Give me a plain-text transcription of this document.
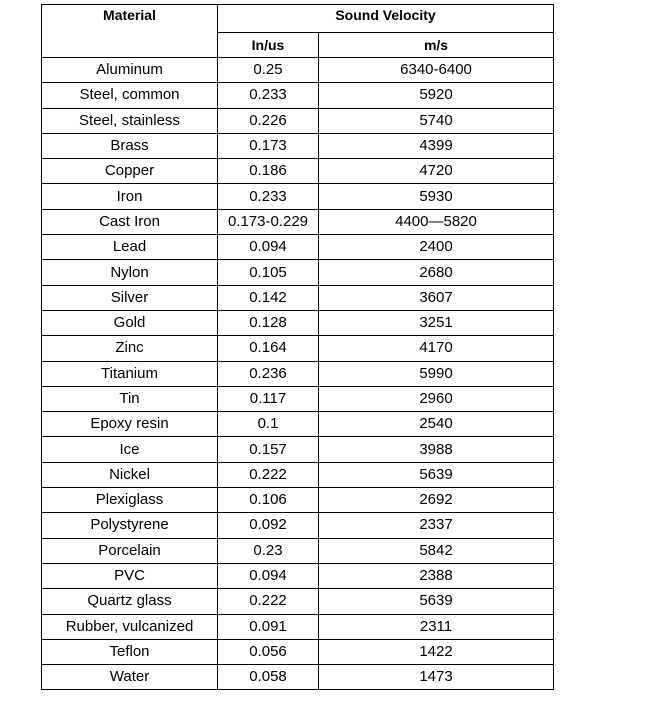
Material	Sound Velocity	
	In/us	m/s
Aluminum	0.25	6340-6400
Steel, common	0.233	5920
Steel, stainless	0.226	5740
Brass	0.173	4399
Copper	0.186	4720
Iron	0.233	5930
Cast Iron	0.173-0.229	4400—5820
Lead	0.094	2400
Nylon	0.105	2680
Silver	0.142	3607
Gold	0.128	3251
Zinc	0.164	4170
Titanium	0.236	5990
Tin	0.117	2960
Epoxy resin	0.1	2540
Ice	0.157	3988
Nickel	0.222	5639
Plexiglass	0.106	2692
Polystyrene	0.092	2337
Porcelain	0.23	5842
PVC	0.094	2388
Quartz glass	0.222	5639
Rubber, vulcanized	0.091	2311
Teflon	0.056	1422
Water	0.058	1473
